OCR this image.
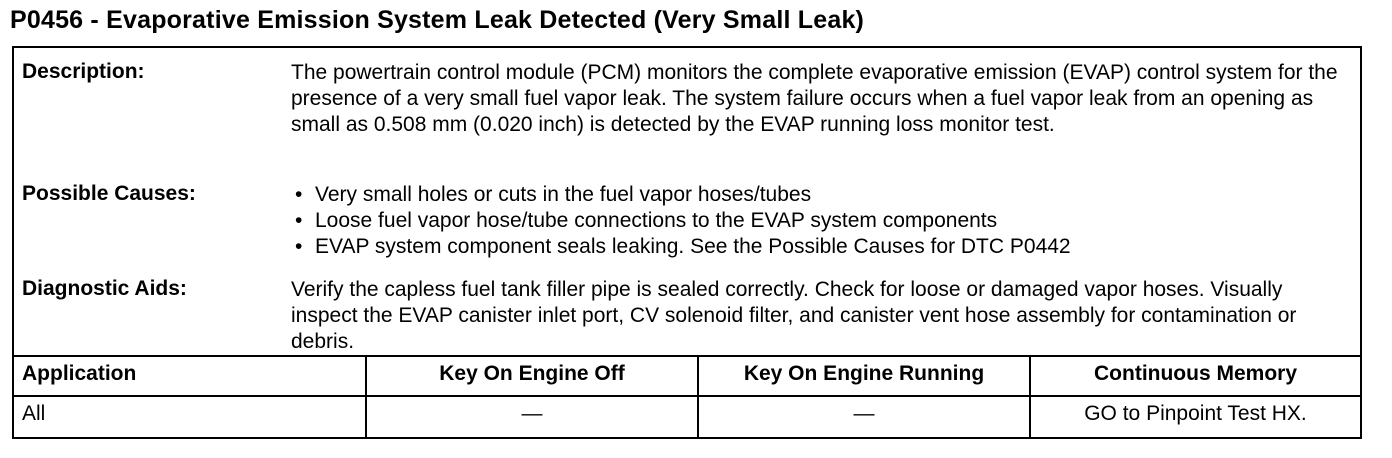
P0456 - Evaporative Emission System Leak Detected (Very Small Leak)
Description:	The powertrain control module (PCM) monitors the complete evaporative emission (EVAP) control system for the presence of a very small fuel vapor leak. The system failure occurs when a fuel vapor leak from an opening as small as 0.508 mm (0.020 inch) is detected by the EVAP running loss monitor test.

Possible Causes:	• Very small holes or cuts in the fuel vapor hoses/tubes
• Loose fuel vapor hose/tube connections to the EVAP system components
• EVAP system component seals leaking. See the Possible Causes for DTC P0442
Diagnostic Aids:	Verify the capless fuel tank filler pipe is sealed correctly. Check for loose or damaged vapor hoses. Visually inspect the EVAP canister inlet port, CV solenoid filter, and canister vent hose assembly for contamination or debris.

Application	Key On Engine Off	Key On Engine Running	Continuous Memory
All	—	—	GO to Pinpoint Test HX.
